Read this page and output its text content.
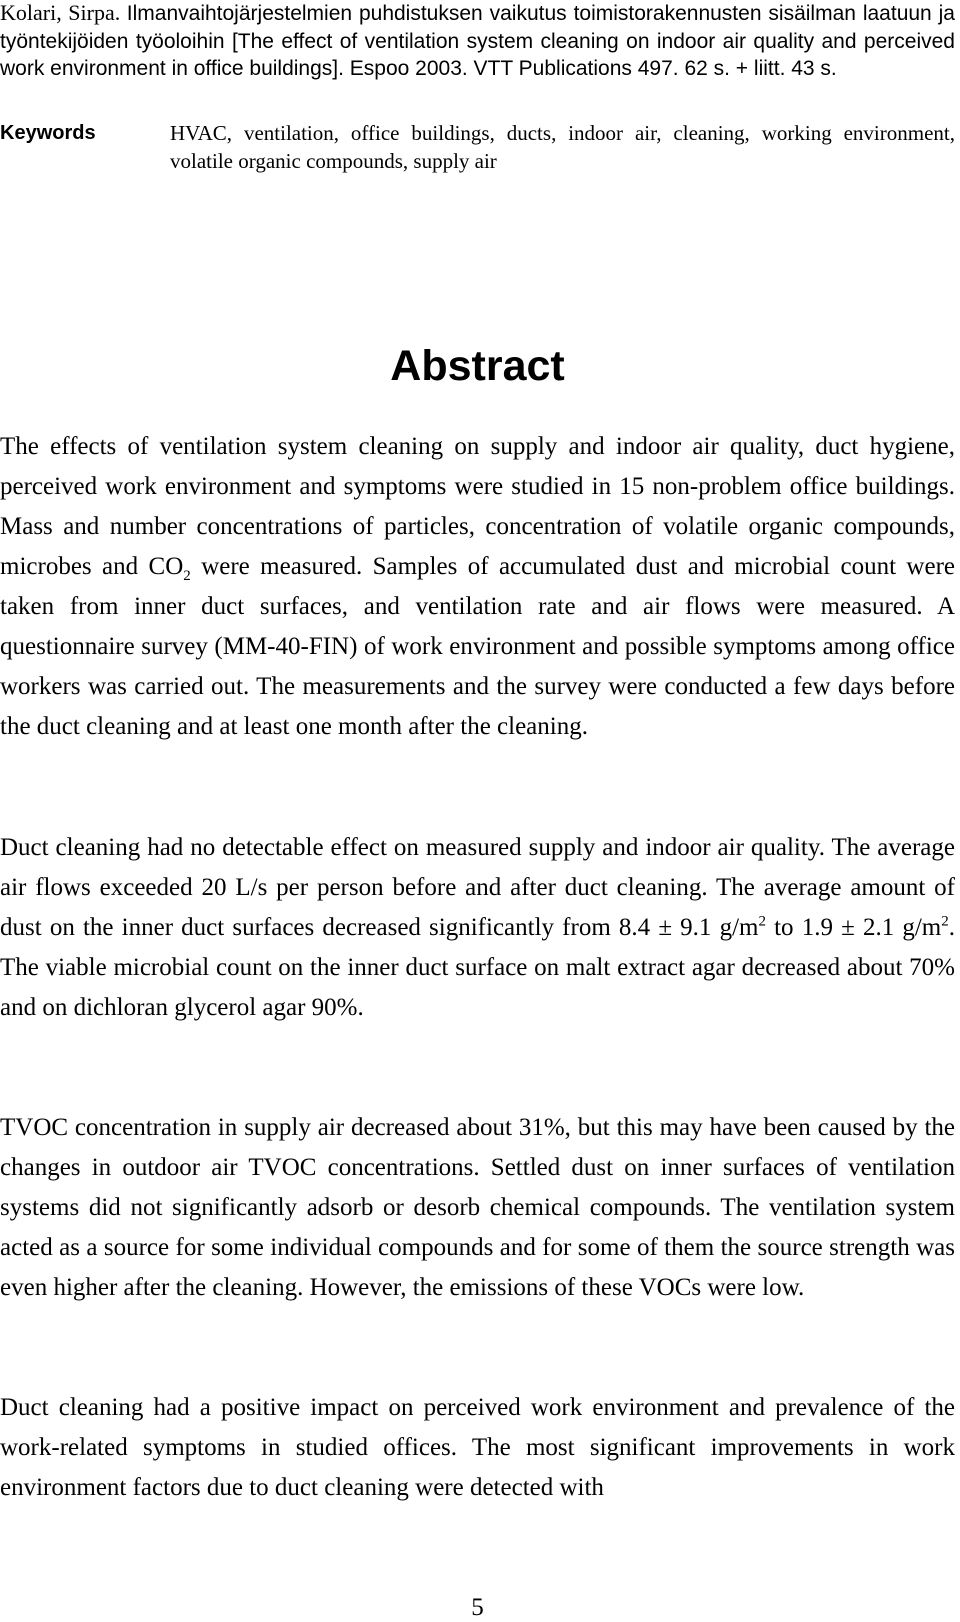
Kolari, Sirpa. Ilmanvaihtojärjestelmien puhdistuksen vaikutus toimistorakennusten sisäilman laatuun ja työntekijöiden työoloihin [The effect of ventilation system cleaning on indoor air quality and perceived work environment in office buildings]. Espoo 2003. VTT Publications 497. 62 s. + liitt. 43 s.
Keywords	HVAC, ventilation, office buildings, ducts, indoor air, cleaning, working environment, volatile organic compounds, supply air
Abstract

The effects of ventilation system cleaning on supply and indoor air quality, duct hygiene, perceived work environment and symptoms were studied in 15 non-problem office buildings. Mass and number concentrations of particles, concentration of volatile organic compounds, microbes and $CO_2$ were measured. Samples of accumulated dust and microbial count were taken from inner duct surfaces, and ventilation rate and air flows were measured. A questionnaire survey (MM-40-FIN) of work environment and possible symptoms among office workers was carried out. The measurements and the survey were conducted a few days before the duct cleaning and at least one month after the cleaning.

Duct cleaning had no detectable effect on measured supply and indoor air quality. The average air flows exceeded 20 L/s per person before and after duct cleaning. The average amount of dust on the inner duct surfaces decreased significantly from 8.4 ± 9.1 $g/m^2$ to 1.9 ± 2.1 $g/m^2$. The viable microbial count on the inner duct surface on malt extract agar decreased about 70% and on dichloran glycerol agar 90%.

TVOC concentration in supply air decreased about 31%, but this may have been caused by the changes in outdoor air TVOC concentrations. Settled dust on inner surfaces of ventilation systems did not significantly adsorb or desorb chemical compounds. The ventilation system acted as a source for some individual compounds and for some of them the source strength was even higher after the cleaning. However, the emissions of these VOCs were low.

Duct cleaning had a positive impact on perceived work environment and prevalence of the work-related symptoms in studied offices. The most significant improvements in work environment factors due to duct cleaning were detected with

5
